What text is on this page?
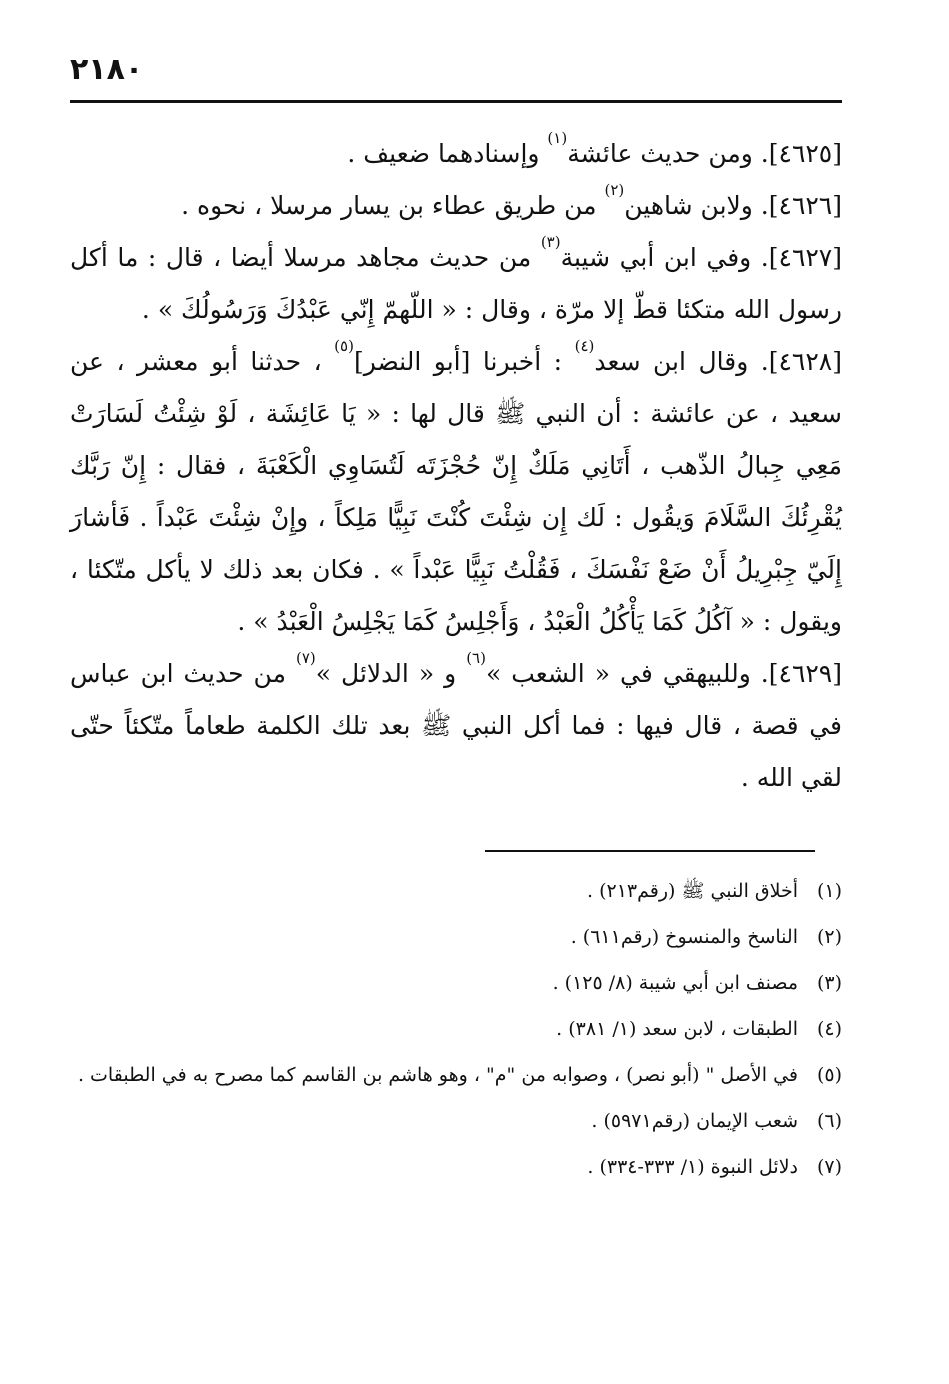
٢١٨٠

[٤٦٢٥]. ومن حديث عائشة$^{(١)}$ وإسنادهما ضعيف .

[٤٦٢٦]. ولابن شاهين$^{(٢)}$ من طريق عطاء بن يسار مرسلا ، نحوه .

[٤٦٢٧]. وفي ابن أبي شيبة$^{(٣)}$ من حديث مجاهد مرسلا أيضا ، قال : ما أكل رسول الله متكئا قطّ إلا مرّة ، وقال : « اللّهمّ إِنّي عَبْدُكَ وَرَسُولُكَ » .

[٤٦٢٨]. وقال ابن سعد$^{(٤)}$ : أخبرنا [أبو النضر]$^{(٥)}$ ، حدثنا أبو معشر ، عن سعيد ، عن عائشة : أن النبي ﷺ قال لها : « يَا عَائِشَة ، لَوْ شِئْتُ لَسَارَتْ مَعِي جِبالُ الذّهب ، أَتَانِي مَلَكٌ إِنّ حُجْزَتَه لَتُسَاوِي الْكَعْبَةَ ، فقال : إِنّ رَبَّك يُقْرِئُكَ السَّلَامَ وَيقُول : لَك إِن شِئْتَ كُنْتَ نَبِيًّا مَلِكاً ، وإِنْ شِئْتَ عَبْداً . فَأشارَ إِلَيّ جِبْرِيلُ أَنْ ضَعْ نَفْسَكَ ، فَقُلْتُ نَبِيًّا عَبْداً » . فكان بعد ذلك لا يأكل متّكئا ، ويقول : « آكُلُ كَمَا يَأْكُلُ الْعَبْدُ ، وَأَجْلِسُ كَمَا يَجْلِسُ الْعَبْدُ » .

[٤٦٢٩]. وللبيهقي في « الشعب »$^{(٦)}$ و « الدلائل »$^{(٧)}$ من حديث ابن عباس في قصة ، قال فيها : فما أكل النبي ﷺ بعد تلك الكلمة طعاماً متّكئاً حتّى لقي الله .

(١)
أخلاق النبي ﷺ (رقم٢١٣) .
(٢)
الناسخ والمنسوخ (رقم٦١١) .
(٣)
مصنف ابن أبي شيبة (٨/ ١٢٥) .
(٤)
الطبقات ، لابن سعد (١/ ٣٨١) .
(٥)
في الأصل " (أبو نصر) ، وصوابه من "م" ، وهو هاشم بن القاسم كما مصرح به في الطبقات .
(٦)
شعب الإيمان (رقم٥٩٧١) .
(٧)
دلائل النبوة (١/ ٣٣٣-٣٣٤) .
